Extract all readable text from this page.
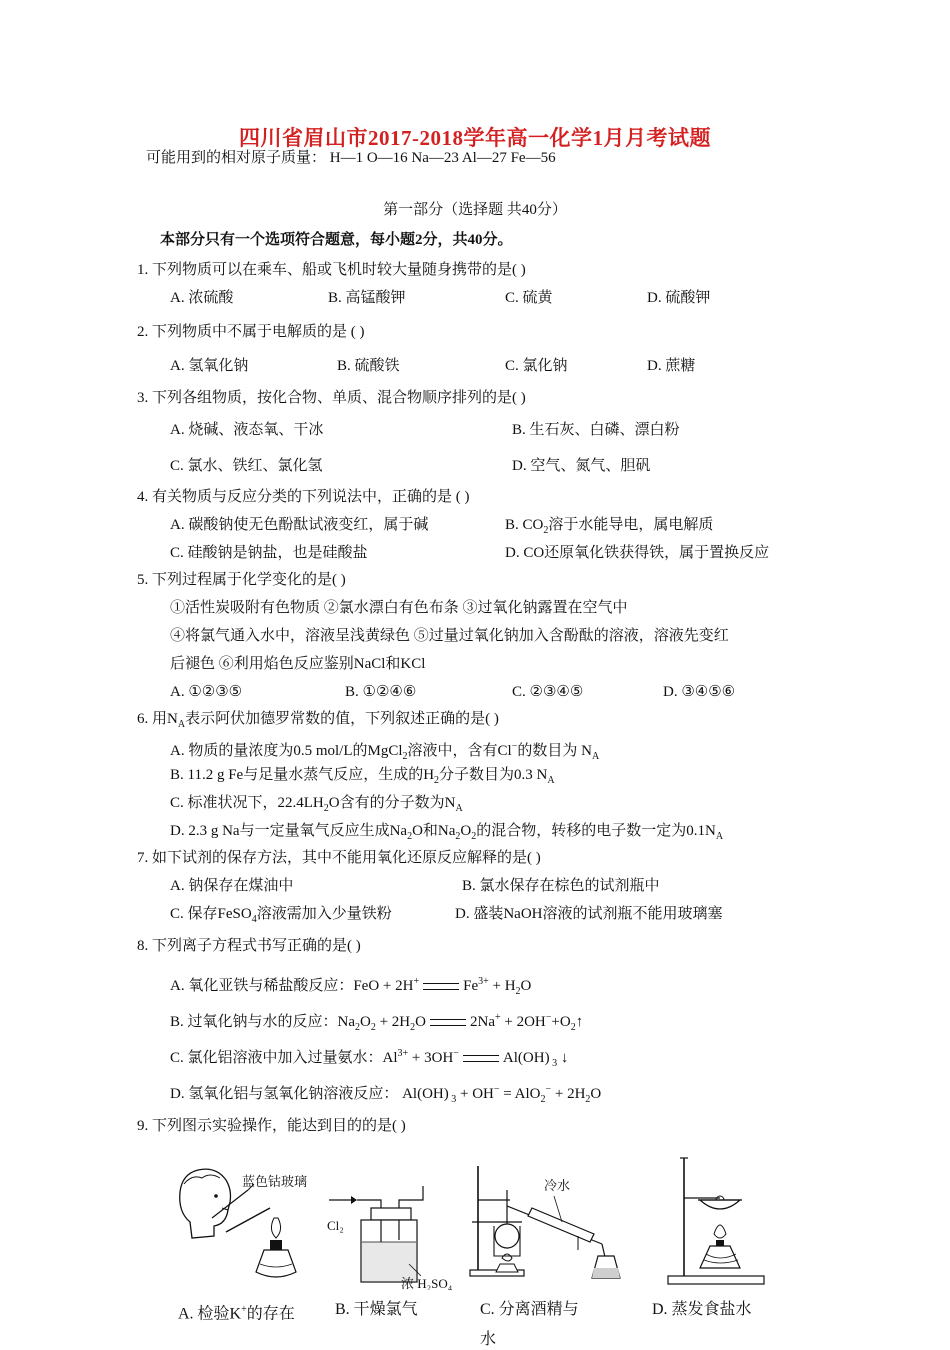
四川省眉山市2017-2018学年高一化学1月月考试题
可能用到的相对原子质量： H—1 O—16 Na—23 Al—27 Fe—56
第一部分（选择题 共40分）
本部分只有一个选项符合题意，每小题2分，共40分。
1. 下列物质可以在乘车、船或飞机时较大量随身携带的是( )
A. 浓硫酸	B. 高锰酸钾	C. 硫黄	D. 硫酸钾
2. 下列物质中不属于电解质的是 ( )
A. 氢氧化钠	B. 硫酸铁	C. 氯化钠	D. 蔗糖
3. 下列各组物质，按化合物、单质、混合物顺序排列的是( )
A. 烧碱、液态氧、干冰	B. 生石灰、白磷、漂白粉
C. 氯水、铁红、氯化氢	D. 空气、氮气、胆矾
4. 有关物质与反应分类的下列说法中，正确的是 ( )
A. 碳酸钠使无色酚酞试液变红，属于碱	B. $CO_2$溶于水能导电，属电解质
C. 硅酸钠是钠盐，也是硅酸盐	D. CO还原氧化铁获得铁，属于置换反应
5. 下列过程属于化学变化的是( )
①活性炭吸附有色物质 ②氯水漂白有色布条 ③过氧化钠露置在空气中
④将氯气通入水中，溶液呈浅黄绿色 ⑤过量过氧化钠加入含酚酞的溶液，溶液先变红
后褪色 ⑥利用焰色反应鉴别NaCl和KCl
A. ①②③⑤	B. ①②④⑥	C. ②③④⑤	D. ③④⑤⑥
6. 用$N_A$表示阿伏加德罗常数的值，下列叙述正确的是( )
A. 物质的量浓度为0.5 mol/L的MgCl$_2$溶液中，含有Cl−的数目为 $N_A$
B. 11.2 g Fe与足量水蒸气反应，生成的$H_2$分子数目为0.3 $N_A$
C. 标准状况下，$22.4LH_2O$含有的分子数为$N_A$
D. 2.3 g Na与一定量氧气反应生成$Na_2O$和$Na_2O_2$的混合物，转移的电子数一定为$0.1N_A$
7. 如下试剂的保存方法，其中不能用氧化还原反应解释的是( )
A. 钠保存在煤油中	B. 氯水保存在棕色的试剂瓶中
C. 保存FeSO$_4$溶液需加入少量铁粉	D. 盛装NaOH溶液的试剂瓶不能用玻璃塞
8. 下列离子方程式书写正确的是( )
A. 氧化亚铁与稀盐酸反应：FeO + 2H+	$Fe^{3+} + H_2O$
B. 过氧化钠与水的反应：$Na_2O_2 + 2H_2O$	$2Na^+ + 2OH^-+O_2↑$
C. 氯化铝溶液中加入过量氨水：$Al^{3+} + 3OH^-$	Al(OH) $_3$ ↓
D. 氢氧化铝与氢氧化钠溶液反应： Al(OH) $_3 + OH^- = AlO_2^- + 2H_2O$
9. 下列图示实验操作，能达到目的的是( )
蓝色钴玻璃
Cl₂
浓 H₂SO₄
冷水
A. 检验K+的存在	B. 干燥氯气	C. 分离酒精与
水
D. 蒸发食盐水
